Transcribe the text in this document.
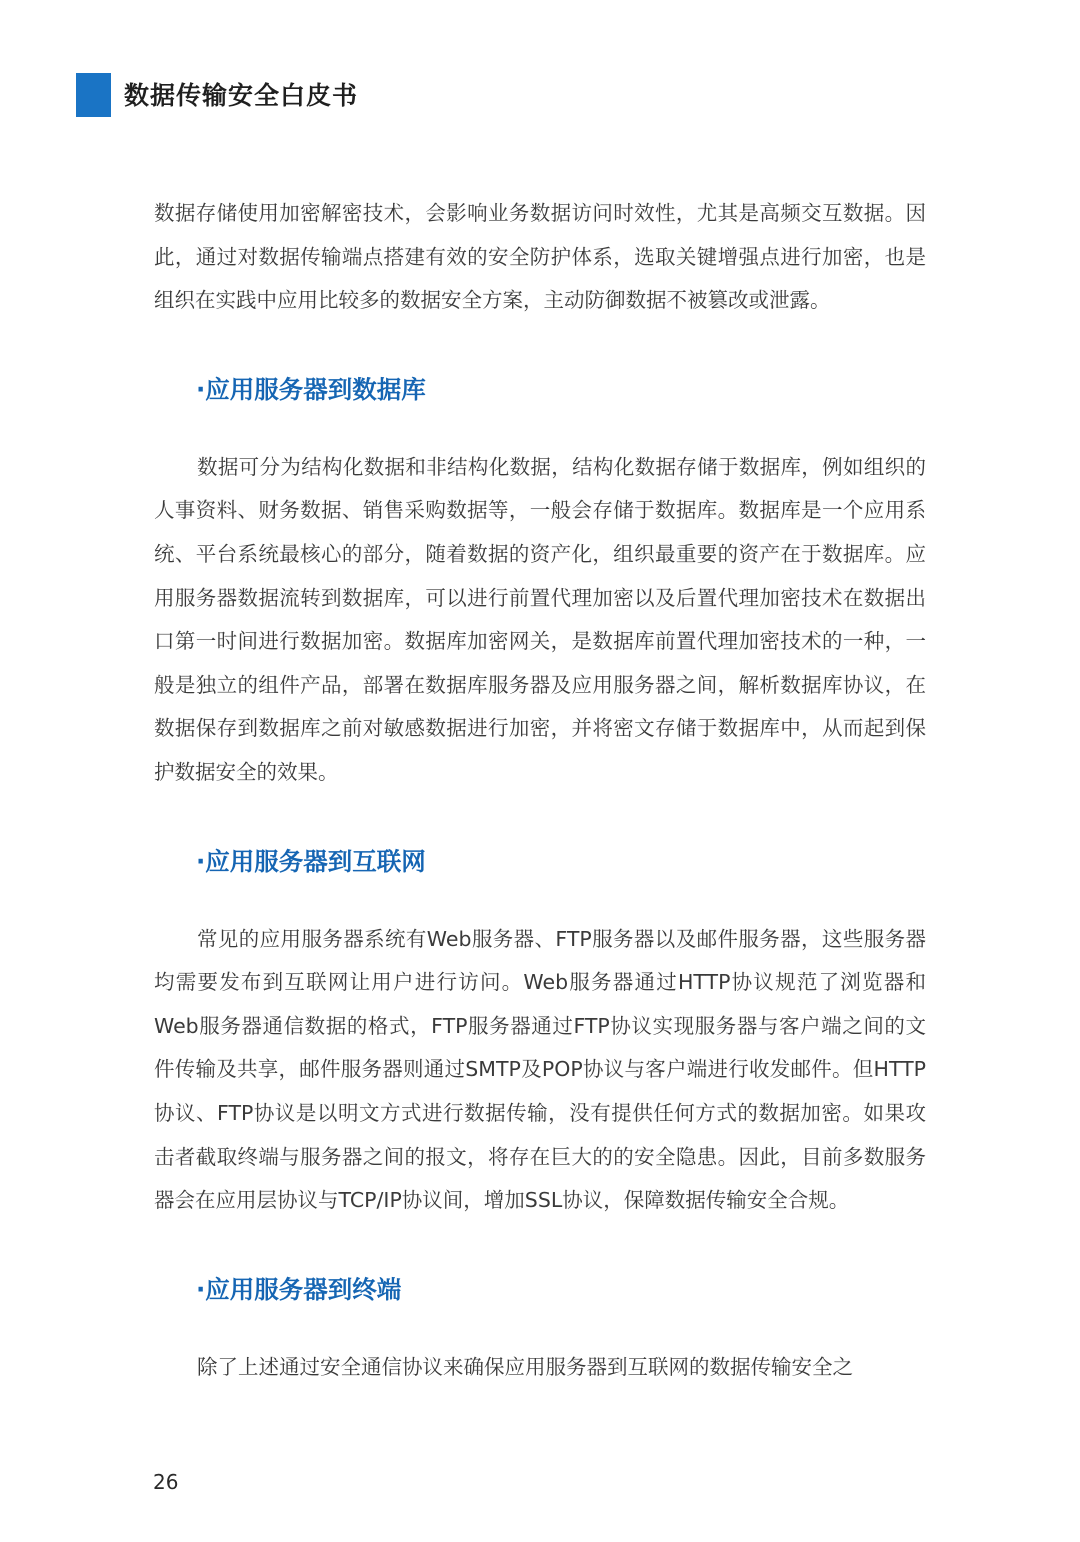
数据传输安全白皮书

数据存储使用加密解密技术，会影响业务数据访问时效性，尤其是高频交互数据。因此，通过对数据传输端点搭建有效的安全防护体系，选取关键增强点进行加密，也是组织在实践中应用比较多的数据安全方案，主动防御数据不被篡改或泄露。

·应用服务器到数据库

数据可分为结构化数据和非结构化数据，结构化数据存储于数据库，例如组织的人事资料、财务数据、销售采购数据等，一般会存储于数据库。数据库是一个应用系统、平台系统最核心的部分，随着数据的资产化，组织最重要的资产在于数据库。应用服务器数据流转到数据库，可以进行前置代理加密以及后置代理加密技术在数据出口第一时间进行数据加密。数据库加密网关，是数据库前置代理加密技术的一种，一般是独立的组件产品，部署在数据库服务器及应用服务器之间，解析数据库协议，在数据保存到数据库之前对敏感数据进行加密，并将密文存储于数据库中，从而起到保护数据安全的效果。

·应用服务器到互联网

常见的应用服务器系统有Web服务器、FTP服务器以及邮件服务器，这些服务器均需要发布到互联网让用户进行访问。Web服务器通过HTTP协议规范了浏览器和Web服务器通信数据的格式，FTP服务器通过FTP协议实现服务器与客户端之间的文件传输及共享，邮件服务器则通过SMTP及POP协议与客户端进行收发邮件。但HTTP协议、FTP协议是以明文方式进行数据传输，没有提供任何方式的数据加密。如果攻击者截取终端与服务器之间的报文，将存在巨大的的安全隐患。因此，目前多数服务器会在应用层协议与TCP/IP协议间，增加SSL协议，保障数据传输安全合规。

·应用服务器到终端

除了上述通过安全通信协议来确保应用服务器到互联网的数据传输安全之

26
